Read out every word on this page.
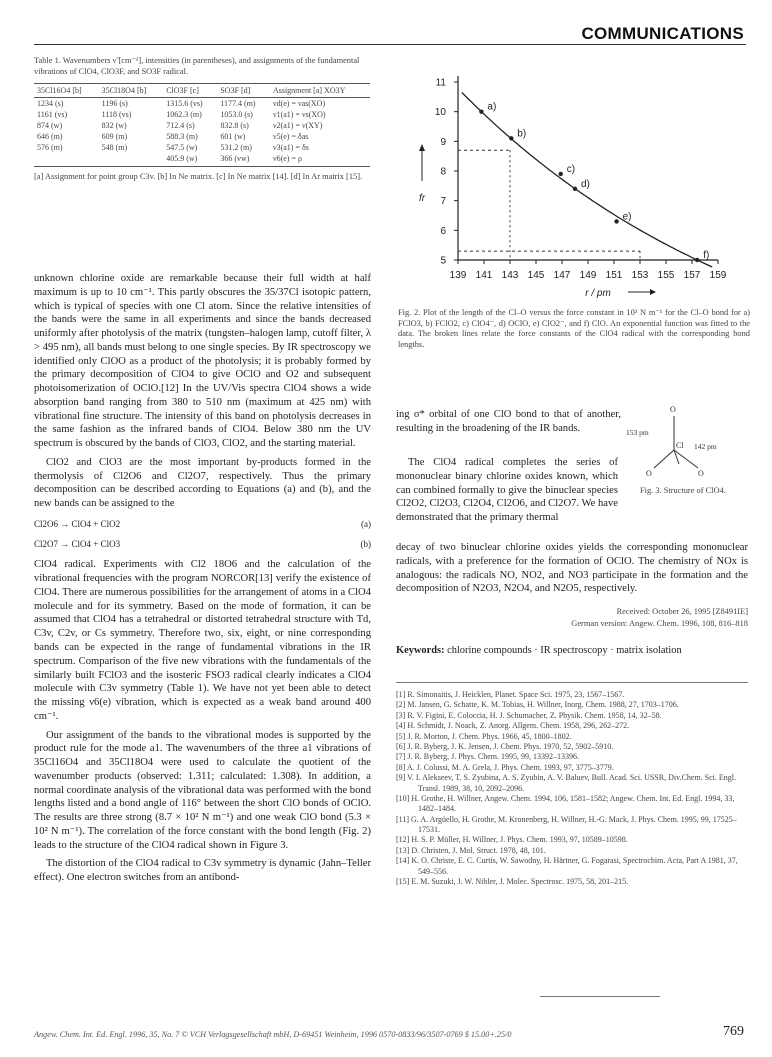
COMMUNICATIONS
Table 1. Wavenumbers ν̃ [cm⁻¹], intensities (in parentheses), and assignments of the fundamental vibrations of ClO4, ClO3F, and SO3F radical.
35Cl16O4 [b]	35Cl18O4 [b]	ClO3F [c]	SO3F [d]	Assignment [a] XO3Y
1234 (s)	1196 (s)	1315.6 (vs)	1177.4 (m)	νd(e) = νas(XO)
1161 (vs)	1118 (vs)	1062.3 (m)	1053.0 (s)	ν1(a1) = νs(XO)
874 (w)	832 (w)	712.4 (s)	832.8 (s)	ν2(a1) = ν(XY)
646 (m)	609 (m)	588.3 (m)	601 (w)	ν5(e) = δas
576 (m)	548 (m)	547.5 (w)	531.2 (m)	ν3(a1) = δs
		405.9 (w)	366 (vw)	ν6(e) = ρ
[a] Assignment for point group C3v. [b] In Ne matrix. [c] In Ne matrix [14]. [d] In Ar matrix [15].

unknown chlorine oxide are remarkable because their full width at half maximum is up to 10 cm⁻¹. This partly obscures the 35/37Cl isotopic pattern, which is typical of species with one Cl atom. Since the relative intensities of the bands were the same in all experiments and since the bands decreased uniformly after photolysis of the matrix (tungsten–halogen lamp, cutoff filter, λ > 495 nm), all bands must belong to one single species. By IR spectroscopy we identified only ClOO as a product of the photolysis; it is probably formed by the primary decomposition of ClO4 to give OClO and O2 and subsequent photoisomerization of OClO.[12] In the UV/Vis spectra ClO4 shows a wide absorption band ranging from 380 to 510 nm (maximum at 425 nm) with vibrational fine structure. The intensity of this band on photolysis decreases in the same fashion as the infrared bands of ClO4. Below 380 nm the UV spectrum is obscured by the bands of ClO3, ClO2, and the starting material.

ClO2 and ClO3 are the most important by-products formed in the thermolysis of Cl2O6 and Cl2O7, respectively. Thus the primary decomposition can be described according to Equations (a) and (b), and the new bands can be assigned to the

Cl2O6 → ClO4 + ClO2	(a)
Cl2O7 → ClO4 + ClO3	(b)

ClO4 radical. Experiments with Cl2 18O6 and the calculation of the vibrational frequencies with the program NORCOR[13] verify the existence of ClO4. There are numerous possibilities for the arrangement of atoms in a ClO4 molecule and for its symmetry. Based on the mode of formation, it can be assumed that ClO4 has a tetrahedral or distorted tetrahedral structure with Td, C3v, C2v, or Cs symmetry. Therefore two, six, eight, or nine corresponding bands can be expected in the range of fundamental vibrations in the IR spectrum. Comparison of the five new vibrations with the fundamentals of the similarly built FClO3 and the isosteric FSO3 radical clearly indicates a ClO4 molecule with C3v symmetry (Table 1). We have not yet been able to detect the missing ν6(e) vibration, which is expected as a weak band around 400 cm⁻¹.

Our assignment of the bands to the vibrational modes is supported by the product rule for the mode a1. The wavenumbers of the three a1 vibrations of 35Cl16O4 and 35Cl18O4 were used to calculate the quotient of the wavenumber products (observed: 1.311; calculated: 1.308). In addition, a normal coordinate analysis of the vibrational data was performed with the bond lengths listed and a bond angle of 116° between the short ClO bonds of OClO. The results are three strong (8.7 × 10² N m⁻¹) and one weak ClO bond (5.3 × 10² N m⁻¹). The correlation of the force constant with the bond length (Fig. 2) leads to the structure of the ClO4 radical shown in Figure 3.

The distortion of the ClO4 radical to C3v symmetry is dynamic (Jahn–Teller effect). One electron switches from an antibond-

5
6
7
8
9
10
11
139 141 143 145 147 149 151 153 155 157 159
r / pm
fr
a)
b)
c)
d)
e)
f)
Fig. 2. Plot of the length of the Cl–O versus the force constant in 10² N m⁻¹ for the Cl–O bond for a) FClO3, b) FClO2, c) ClO4⁻, d) OClO, e) ClO2⁻, and f) ClO. An exponential function was fitted to the data. The broken lines relate the force constants of the ClO4 radical with the corresponding bond lengths.

ing σ* orbital of one ClO bond to that of another, resulting in the broadening of the IR bands.

O
Cl
O	O
153 pm
142 pm

The ClO4 radical completes the series of mononuclear binary chlorine oxides known, which can combined formally to give the binuclear species Cl2O2, Cl2O3, Cl2O4, Cl2O6, and Cl2O7. We have demonstrated that the primary thermal

Fig. 3. Structure of ClO4.

decay of two binuclear chlorine oxides yields the corresponding mononuclear radicals, with a preference for the formation of OClO. The chemistry of NOx is analogous: the radicals NO, NO2, and NO3 participate in the formation and the decomposition of N2O3, N2O4, and N2O5, respectively.

Received: October 26, 1995 [Z8491IE]
German version: Angew. Chem. 1996, 108, 816–818
Keywords: chlorine compounds · IR spectroscopy · matrix isolation
[1] R. Simonaitis, J. Heicklen, Planet. Space Sci. 1975, 23, 1567–1567.
[2] M. Jansen, G. Schatte, K. M. Tobias, H. Willner, Inorg. Chem. 1988, 27, 1703–1706.
[3] R. V. Figini, E. Coloccia, H. J. Schumacher, Z. Physik. Chem. 1958, 14, 32–58.
[4] H. Schmidt, J. Noack, Z. Anorg. Allgem. Chem. 1958, 296, 262–272.
[5] J. R. Morton, J. Chem. Phys. 1966, 45, 1800–1802.
[6] J. R. Byberg, J. K. Jensen, J. Chem. Phys. 1970, 52, 5902–5910.
[7] J. R. Byberg, J. Phys. Chem. 1995, 99, 13392–13396.
[8] A. J. Colussi, M. A. Grela, J. Phys. Chem. 1993, 97, 3775–3779.
[9] V. I. Alekseev, T. S. Zyubina, A. S. Zyubin, A. V. Baluev, Bull. Acad. Sci. USSR, Div.Chem. Sci. Engl. Transl. 1989, 38, 10, 2092–2096.
[10] H. Grothe, H. Willner, Angew. Chem. 1994, 106, 1581–1582; Angew. Chem. Int. Ed. Engl. 1994, 33, 1482–1484.
[11] G. A. Argüello, H. Grothe, M. Kronenberg, H. Willner, H.-G. Mack, J. Phys. Chem. 1995, 99, 17525–17531.
[12] H. S. P. Müller, H. Willner, J. Phys. Chem. 1993, 97, 10589–10598.
[13] D. Christen, J. Mol. Struct. 1978, 48, 101.
[14] K. O. Christe, E. C. Curtis, W. Sawodny, H. Härtner, G. Fogarasi, Spectrochim. Acta, Part A 1981, 37, 549–556.
[15] E. M. Suzuki, J. W. Nibler, J. Molec. Spectrosc. 1975, 58, 201–215.
Angew. Chem. Int. Ed. Engl. 1996, 35, No. 7 © VCH Verlagsgesellschaft mbH, D-69451 Weinheim, 1996 0570-0833/96/3507-0769 $ 15.00+.25/0	769
